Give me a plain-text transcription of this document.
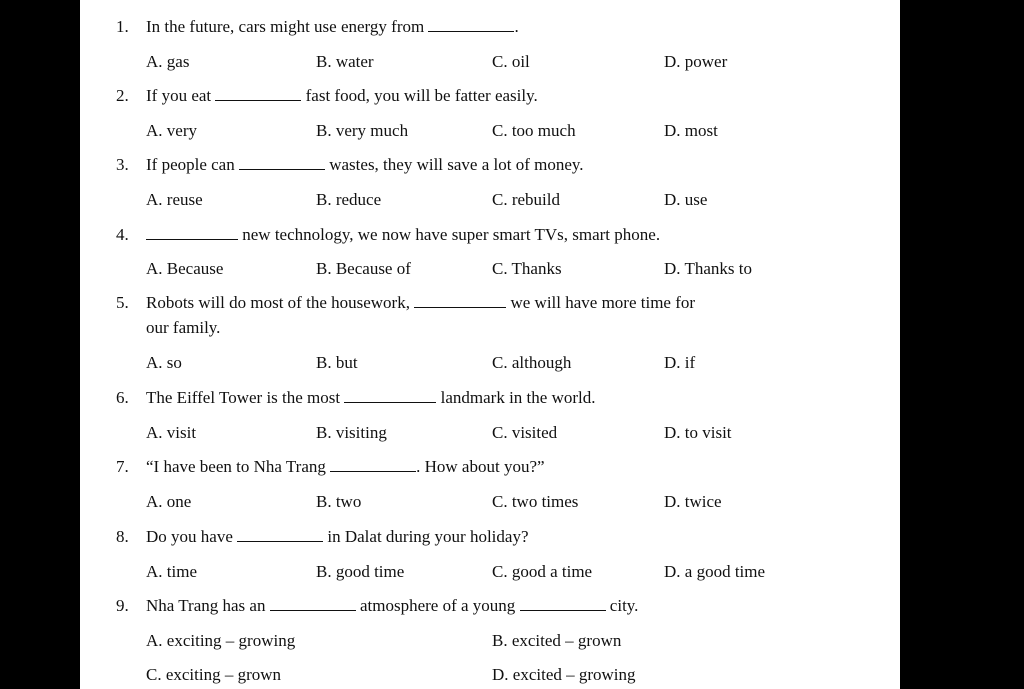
1. In the future, cars might use energy from	.
A. gas	B. water	C. oil	D. power
2. If you eat	fast food, you will be fatter easily.
A. very	B. very much	C. too much	D. most
3. If people can	wastes, they will save a lot of money.
A. reuse	B. reduce	C. rebuild	D. use
4.	new technology, we now have super smart TVs, smart phone.
A. Because	B. Because of	C. Thanks	D. Thanks to
5. Robots will do most of the housework,	we will have more time for
our family.
A. so	B. but	C. although	D. if
6. The Eiffel Tower is the most	landmark in the world.
A. visit	B. visiting	C. visited	D. to visit
7. “I have been to Nha Trang	. How about you?”
A. one	B. two	C. two times	D. twice
8. Do you have	in Dalat during your holiday?
A. time	B. good time	C. good a time	D. a good time
9. Nha Trang has an	atmosphere of a young	city.
A. exciting – growing	B. excited – grown
C. exciting – grown	D. excited – growing
